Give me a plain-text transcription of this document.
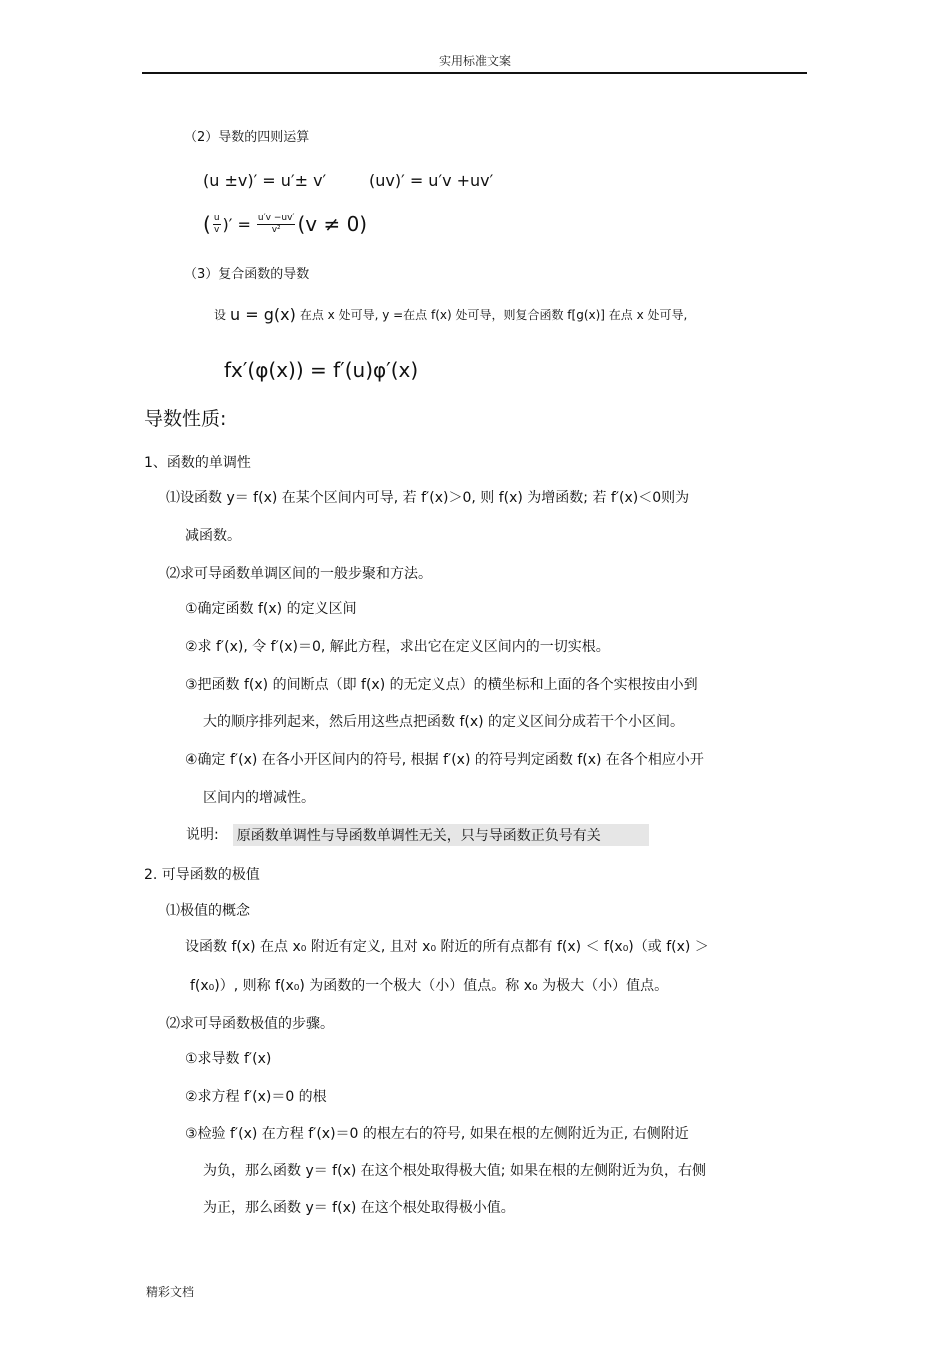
实用标准文案
（2）导数的四则运算
(u ±v)′ = u′± v′	(uv)′ = u′v +uv′
( $\frac{u}{v}$ )′ = $\frac{u'v -uv'}{\text{v²}} (v \ne 0)$
（3）复合函数的导数
设 u = g(x) 在点 x 处可导, y =在点 f(x) 处可导，则复合函数 f[g(x)] 在点 x 处可导,
fx′(φ(x)) = f′(u)φ′(x)
导数性质:
1、函数的单调性
⑴设函数 y＝ f(x) 在某个区间内可导, 若 f′(x)＞0, 则 f(x) 为增函数; 若 f′(x)＜0则为
减函数。
⑵求可导函数单调区间的一般步聚和方法。
①确定函数 f(x) 的定义区间
②求 f′(x), 令 f′(x)＝0, 解此方程，求出它在定义区间内的一切实根。
③把函数 f(x) 的间断点（即 f(x) 的无定义点）的横坐标和上面的各个实根按由小到
大的顺序排列起来，然后用这些点把函数 f(x) 的定义区间分成若干个小区间。
④确定 f′(x) 在各小开区间内的符号, 根据 f′(x) 的符号判定函数 f(x) 在各个相应小开
区间内的增减性。
说明: 原函数单调性与导函数单调性无关，只与导函数正负号有关
2. 可导函数的极值
⑴极值的概念
设函数 f(x) 在点 x₀ 附近有定义, 且对 x₀ 附近的所有点都有 f(x) ＜ f(x₀)（或 f(x) ＞
f(x₀)）, 则称 f(x₀) 为函数的一个极大（小）值点。称 x₀ 为极大（小）值点。
⑵求可导函数极值的步骤。
①求导数 f′(x)
②求方程 f′(x)＝0 的根
③检验 f′(x) 在方程 f′(x)＝0 的根左右的符号, 如果在根的左侧附近为正, 右侧附近
为负，那么函数 y＝ f(x) 在这个根处取得极大值; 如果在根的左侧附近为负，右侧
为正，那么函数 y＝ f(x) 在这个根处取得极小值。
精彩文档
